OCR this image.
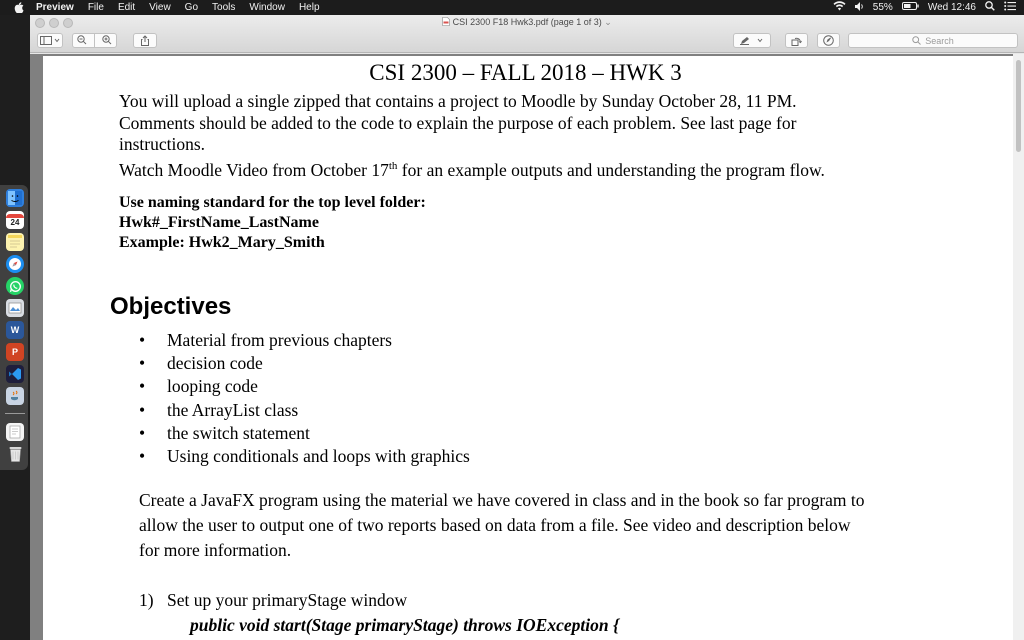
Preview File Edit View Go Tools Window Help	55%	Wed 12:46
24
W
P
CSI 2300 F18 Hwk3.pdf (page 1 of 3) ⌄
Search
CSI 2300 – FALL 2018 – HWK 3
You will upload a single zipped that contains a project to Moodle by Sunday October 28, 11 PM.
Comments should be added to the code to explain the purpose of each problem. See last page for
instructions.
Watch Moodle Video from October 17th for an example outputs and understanding the program flow.
Use naming standard for the top level folder:
Hwk#_FirstName_LastName
Example: Hwk2_Mary_Smith
Objectives
•	Material from previous chapters
•	decision code
•	looping code
•	the ArrayList class
•	the switch statement
•	Using conditionals and loops with graphics
Create a JavaFX program using the material we have covered in class and in the book so far program to
allow the user to output one of two reports based on data from a file. See video and description below
for more information.
1) Set up your primaryStage window
public void start(Stage primaryStage) throws IOException {
